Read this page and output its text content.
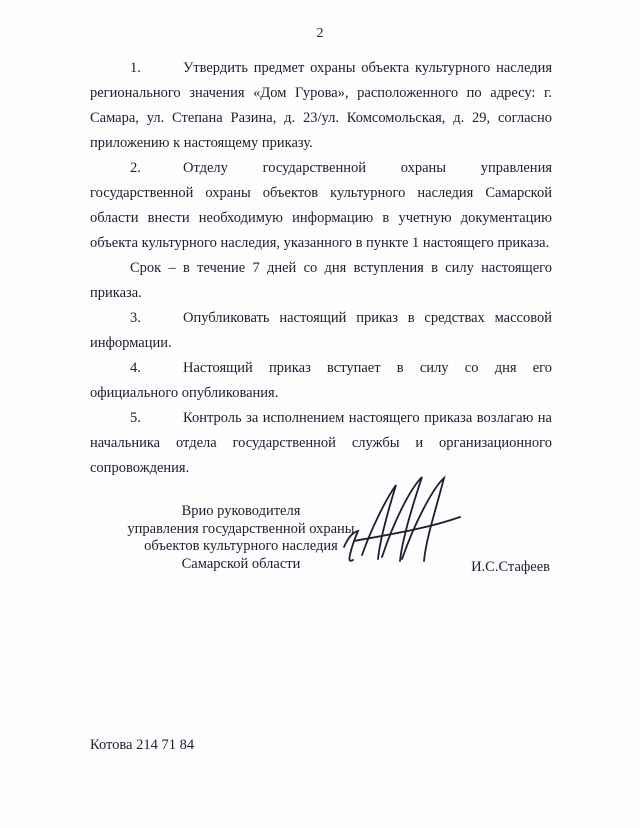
2

1.	Утвердить предмет охраны объекта культурного наследия регионального значения «Дом Гурова», расположенного по адресу: г. Самара, ул. Степана Разина, д. 23/ул. Комсомольская, д. 29, согласно приложению к настоящему приказу.

2.	Отделу государственной охраны управления государственной охраны объектов культурного наследия Самарской области внести необходимую информацию в учетную документацию объекта культурного наследия, указанного в пункте 1 настоящего приказа.

Срок – в течение 7 дней со дня вступления в силу настоящего приказа.

3.	Опубликовать настоящий приказ в средствах массовой информации.

4.	Настоящий приказ вступает в силу со дня его официального опубликования.

5.	Контроль за исполнением настоящего приказа возлагаю на начальника отдела государственной службы и организационного сопровождения.

Врио руководителя
управления государственной охраны
объектов культурного наследия
Самарской области	И.С.Стафеев
Котова 214 71 84
